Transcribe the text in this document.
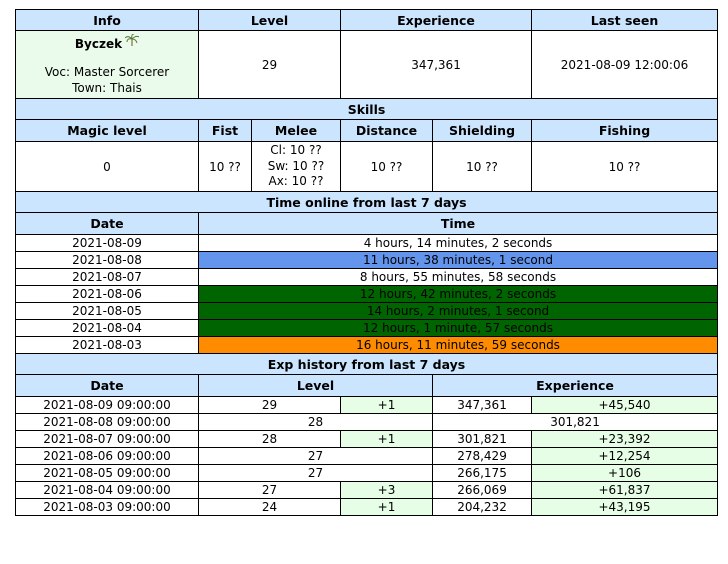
Info	Level		Experience		Last seen

Byczek
Voc: Master Sorcerer
Town: Thais	29		347,361		2021-08-09 12:00:06
Skills					
Magic level	Fist	Melee	Distance	Shielding	Fishing
0	10 ??	Cl: 10 ??
Sw: 10 ??
Ax: 10 ??	10 ??	10 ??	10 ??
Time online from last 7 days					
Date	Time				
2021-08-09	4 hours, 14 minutes, 2 seconds				
2021-08-08	11 hours, 38 minutes, 1 second				
2021-08-07	8 hours, 55 minutes, 58 seconds				
2021-08-06	12 hours, 42 minutes, 2 seconds				
2021-08-05	14 hours, 2 minutes, 1 second				
2021-08-04	12 hours, 1 minute, 57 seconds				
2021-08-03	16 hours, 11 minutes, 59 seconds				
Exp history from last 7 days					
Date	Level			Experience	
2021-08-09 09:00:00	29		+1	347,361	+45,540
2021-08-08 09:00:00	28			301,821	
2021-08-07 09:00:00	28		+1	301,821	+23,392
2021-08-06 09:00:00	27			278,429	+12,254
2021-08-05 09:00:00	27			266,175	+106
2021-08-04 09:00:00	27		+3	266,069	+61,837
2021-08-03 09:00:00	24		+1	204,232	+43,195
